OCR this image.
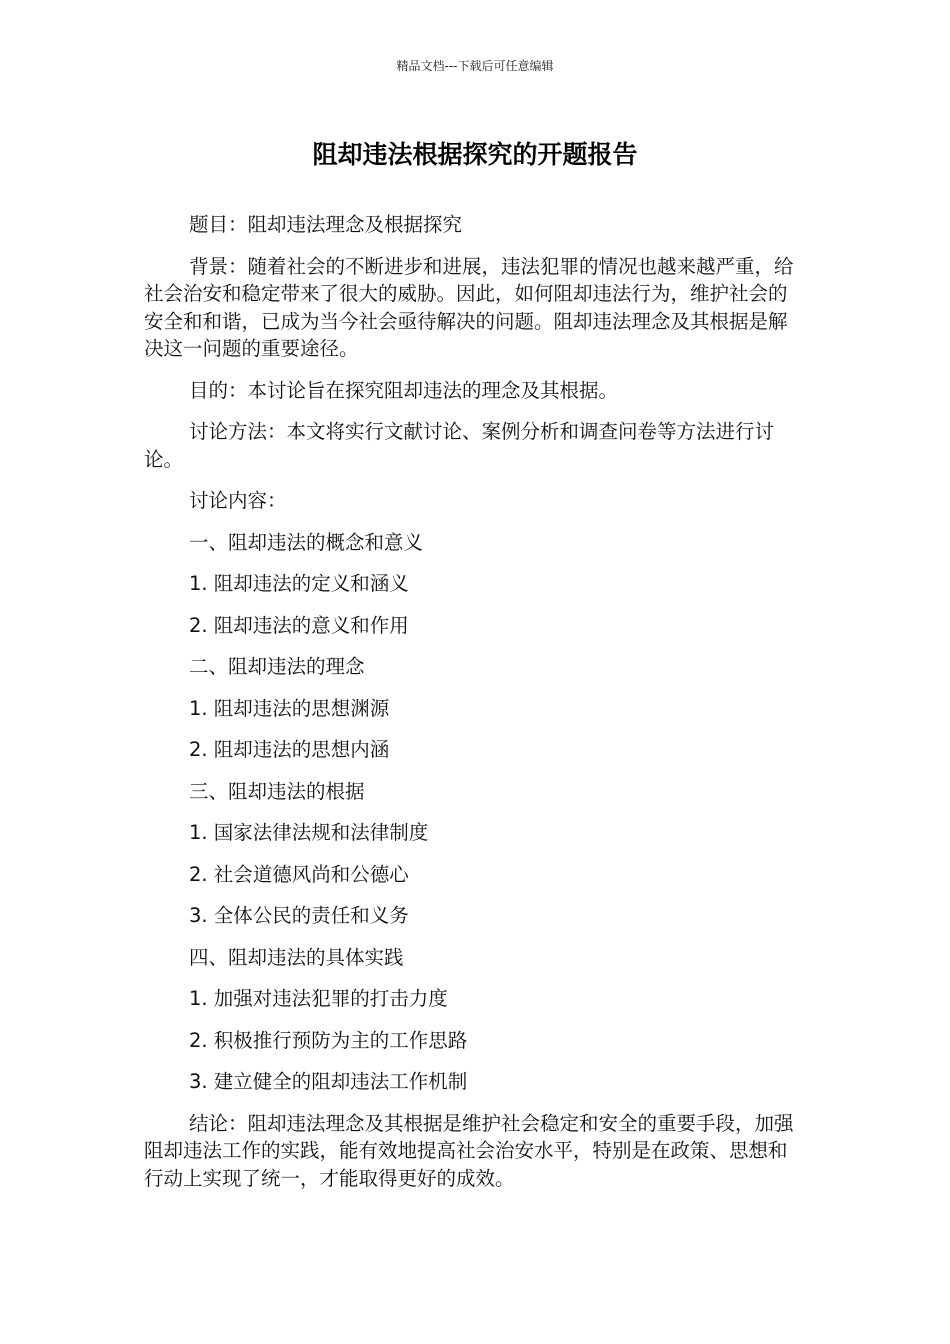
精品文档---下载后可任意编辑
阻却违法根据探究的开题报告

题目：阻却违法理念及根据探究

背景：随着社会的不断进步和进展，违法犯罪的情况也越来越严重，给社会治安和稳定带来了很大的威胁。因此，如何阻却违法行为，维护社会的安全和和谐，已成为当今社会亟待解决的问题。阻却违法理念及其根据是解决这一问题的重要途径。

目的：本讨论旨在探究阻却违法的理念及其根据。

讨论方法：本文将实行文献讨论、案例分析和调查问卷等方法进行讨论。

讨论内容：

一、阻却违法的概念和意义

1. 阻却违法的定义和涵义

2. 阻却违法的意义和作用

二、阻却违法的理念

1. 阻却违法的思想渊源

2. 阻却违法的思想内涵

三、阻却违法的根据

1. 国家法律法规和法律制度

2. 社会道德风尚和公德心

3. 全体公民的责任和义务

四、阻却违法的具体实践

1. 加强对违法犯罪的打击力度

2. 积极推行预防为主的工作思路

3. 建立健全的阻却违法工作机制

结论：阻却违法理念及其根据是维护社会稳定和安全的重要手段，加强阻却违法工作的实践，能有效地提高社会治安水平，特别是在政策、思想和行动上实现了统一，才能取得更好的成效。
